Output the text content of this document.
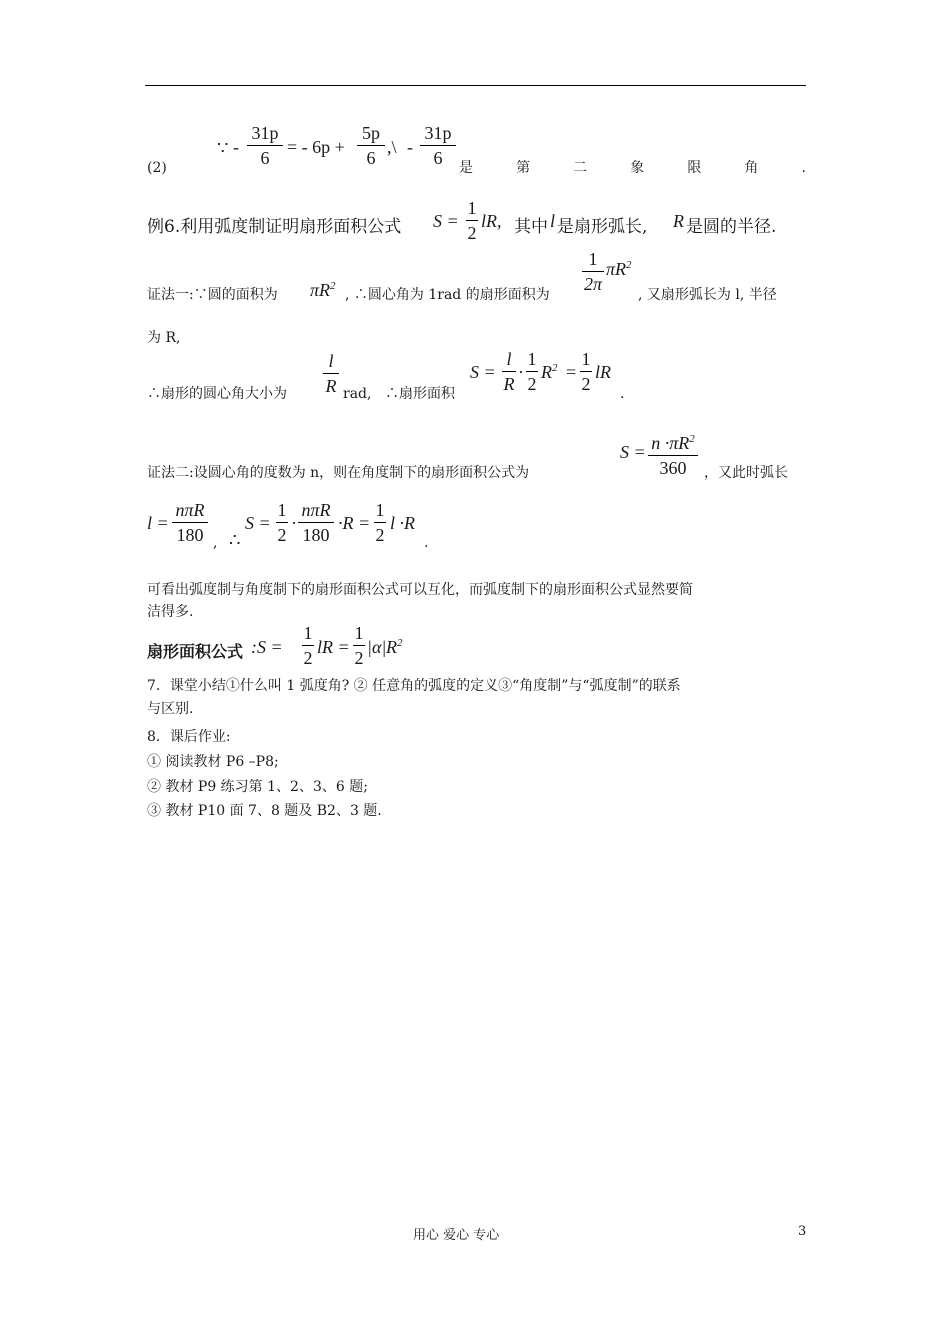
(2)
∵ -
31p
6
= - 6p +
5p
6
,\ -
31p
6	是	第	二	象	限	角	.
例6.利用弧度制证明扇形面积公式 S =
1
2
lR, 其中 l 是扇形弧长, R 是圆的半径.
证法一:∵圆的面积为 $\pi R^2$
, ∴圆心角为 1rad 的扇形面积为
1
2π
$\pi R^2$
, 又扇形弧长为 l, 半径
为 R,
∴扇形的圆心角大小为
l
R rad, ∴扇形面积
S =
l
R
·
1
2
$R^2$ =
1
2
lR
.
证法二:设圆心角的度数为 n，则在角度制下的扇形面积公式为
$S = n \cdot\pi R^2$
360	，又此时弧长
l =
nπR
180 , ∴
S =
1
2
·
nπR
180
·R =
1
2
l ·R
.
可看出弧度制与角度制下的扇形面积公式可以互化，而弧度制下的扇形面积公式显然要简
洁得多.
扇形面积公式 :S =
1
2
lR =
1
2
|α| $R^2$
7．课堂小结①什么叫 1 弧度角? ② 任意角的弧度的定义③“角度制”与“弧度制”的联系
与区别.
8．课后作业:
① 阅读教材 P6 –P8;
② 教材 P9 练习第 1、2、3、6 题;
③ 教材 P10 面 7、8 题及 B2、3 题.
用心 爱心 专心	3
